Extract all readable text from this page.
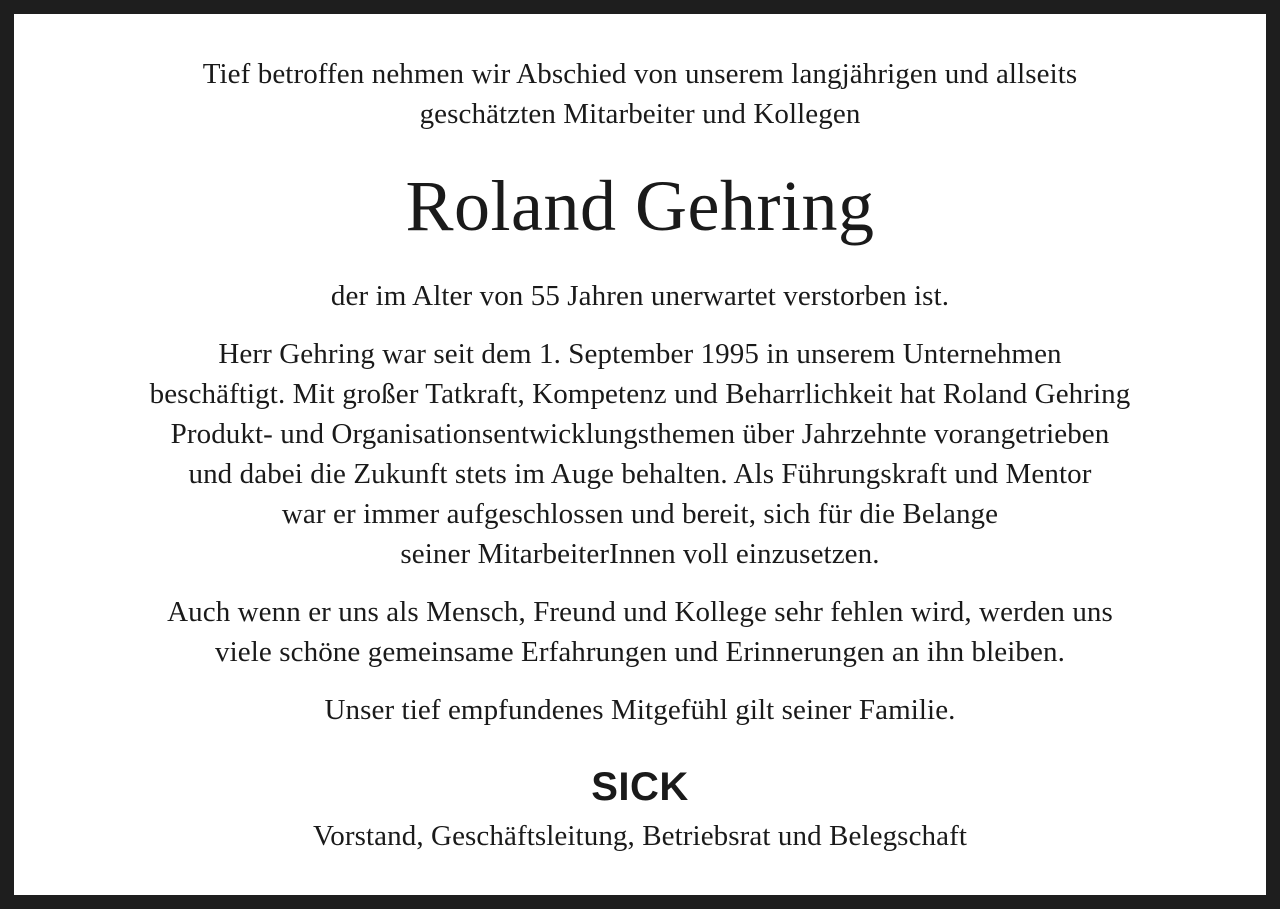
Tief betroffen nehmen wir Abschied von unserem langjährigen und allseits
geschätzten Mitarbeiter und Kollegen
Roland Gehring
der im Alter von 55 Jahren unerwartet verstorben ist.
Herr Gehring war seit dem 1. September 1995 in unserem Unternehmen
beschäftigt. Mit großer Tatkraft, Kompetenz und Beharrlichkeit hat Roland Gehring
Produkt- und Organisationsentwicklungsthemen über Jahrzehnte vorangetrieben
und dabei die Zukunft stets im Auge behalten. Als Führungskraft und Mentor
war er immer aufgeschlossen und bereit, sich für die Belange
seiner MitarbeiterInnen voll einzusetzen.
Auch wenn er uns als Mensch, Freund und Kollege sehr fehlen wird, werden uns
viele schöne gemeinsame Erfahrungen und Erinnerungen an ihn bleiben.
Unser tief empfundenes Mitgefühl gilt seiner Familie.
SICK
Vorstand, Geschäftsleitung, Betriebsrat und Belegschaft
